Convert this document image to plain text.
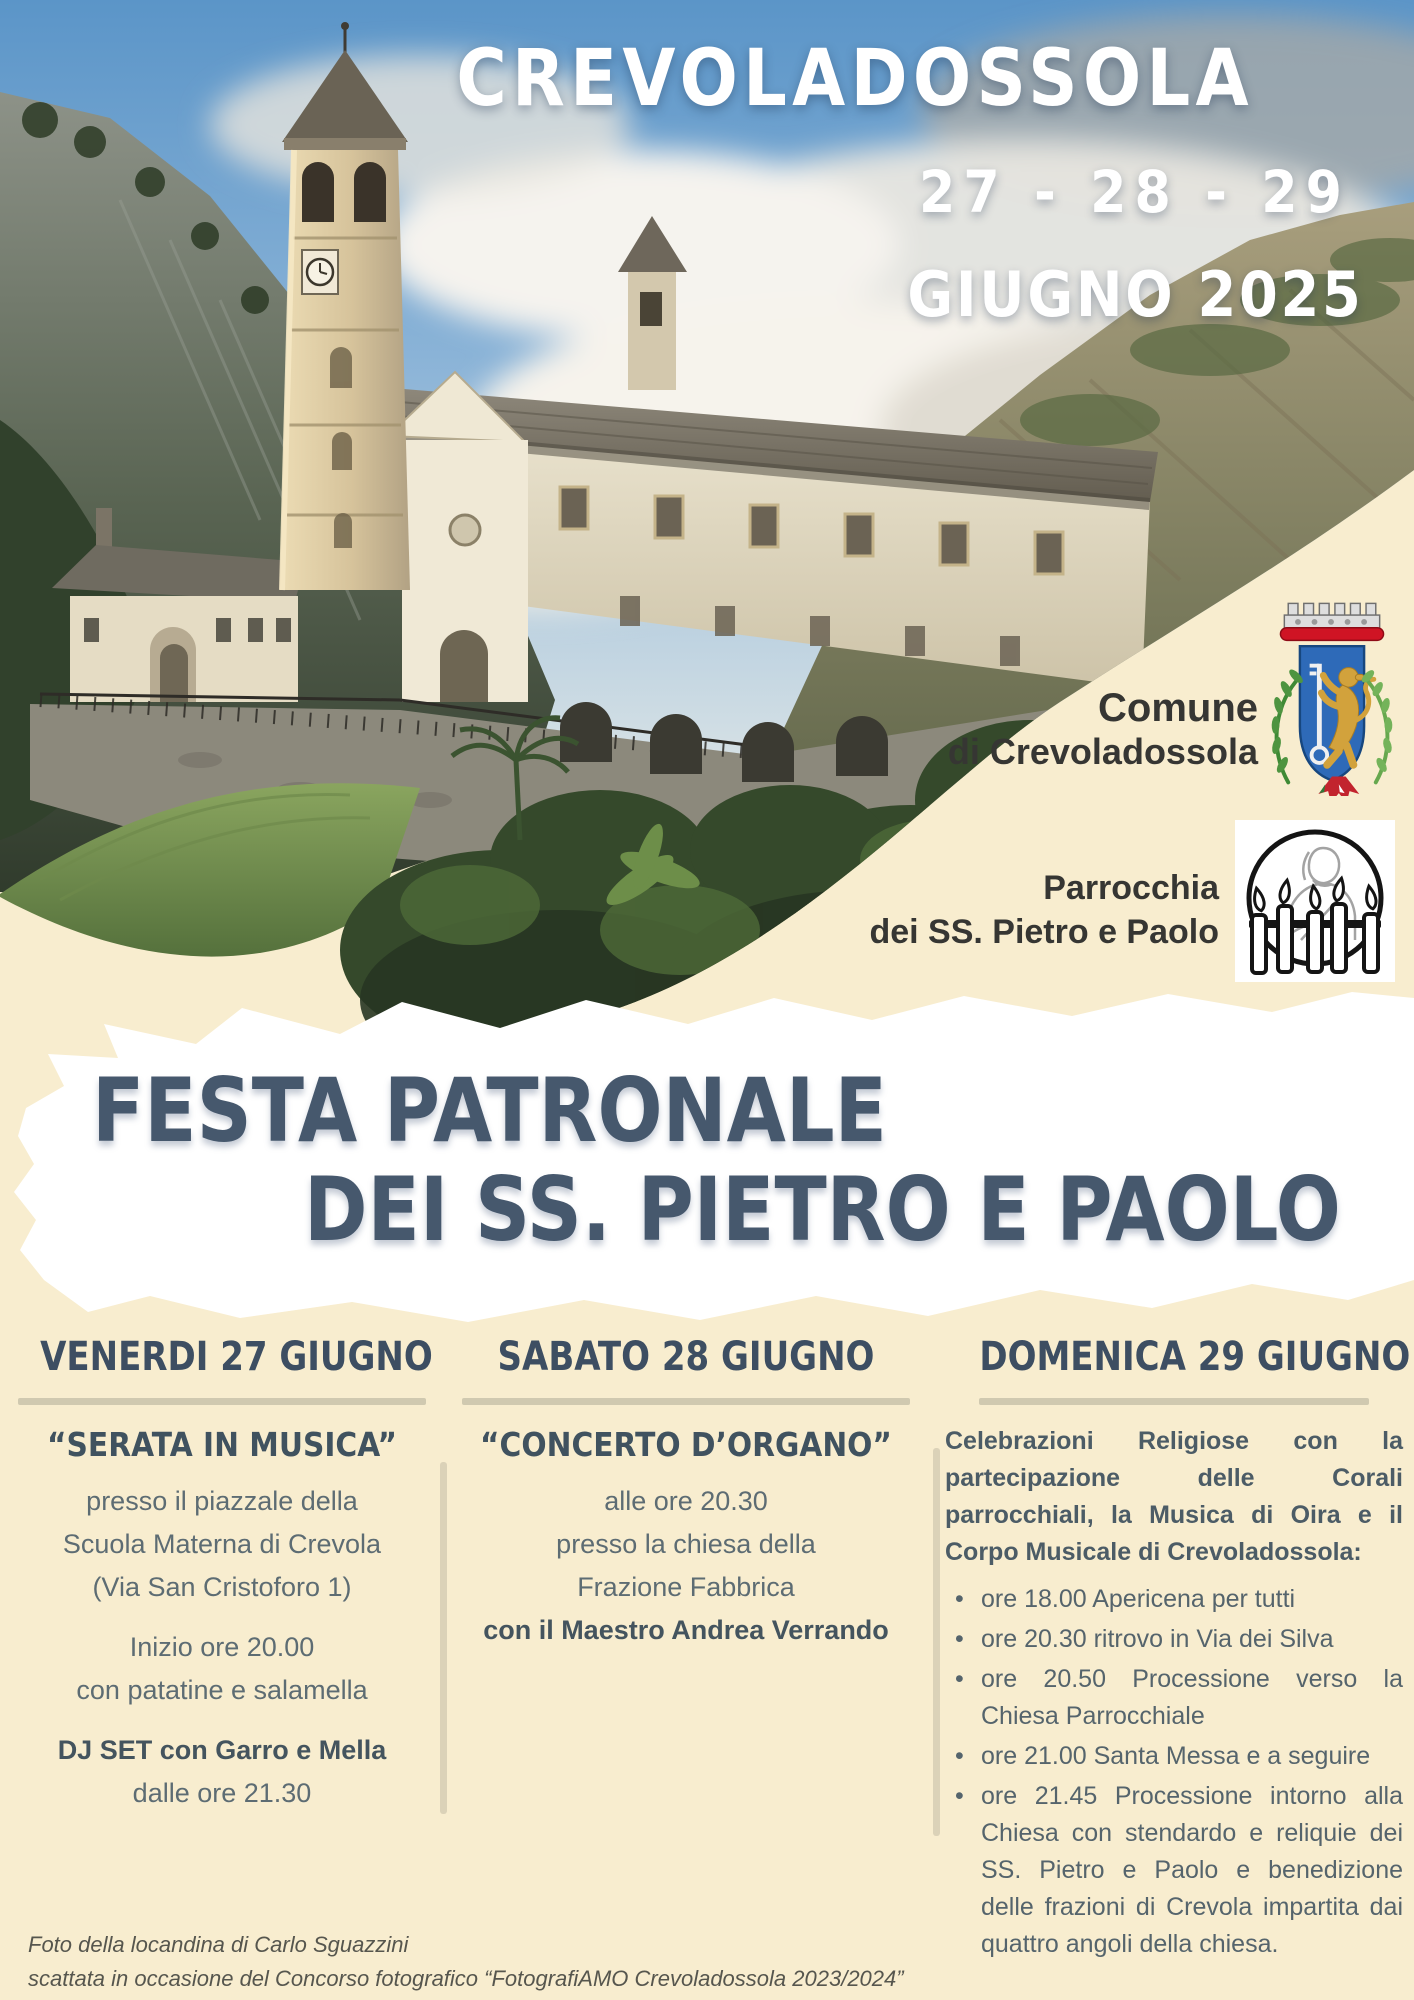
CREVOLADOSSOLA
27 - 28 - 29
GIUGNO 2025
Comune
di Crevoladossola
Parrocchia
dei SS. Pietro e Paolo
FESTA PATRONALE
DEI SS. PIETRO E PAOLO
VENERDI 27 GIUGNO
“SERATA IN MUSICA”
presso il piazzale della
Scuola Materna di Crevola
(Via San Cristoforo 1)
Inizio ore 20.00
con patatine e salamella
DJ SET con Garro e Mella
dalle ore 21.30
SABATO 28 GIUGNO
“CONCERTO D’ORGANO”
alle ore 20.30
presso la chiesa della
Frazione Fabbrica
con il Maestro Andrea Verrando
DOMENICA 29 GIUGNO

Celebrazioni Religiose con la partecipazione delle Corali parrocchiali, la Musica di Oira e il Corpo Musicale di Crevoladossola:

• ore 18.00 Apericena per tutti
• ore 20.30 ritrovo in Via dei Silva
• ore 20.50 Processione verso la Chiesa Parrocchiale
• ore 21.00 Santa Messa e a seguire
• ore 21.45 Processione intorno alla Chiesa con stendardo e reliquie dei SS. Pietro e Paolo e benedizione delle frazioni di Crevola impartita dai quattro angoli della chiesa.
Foto della locandina di Carlo Sguazzini
scattata in occasione del Concorso fotografico “FotografiAMO Crevoladossola 2023/2024”
